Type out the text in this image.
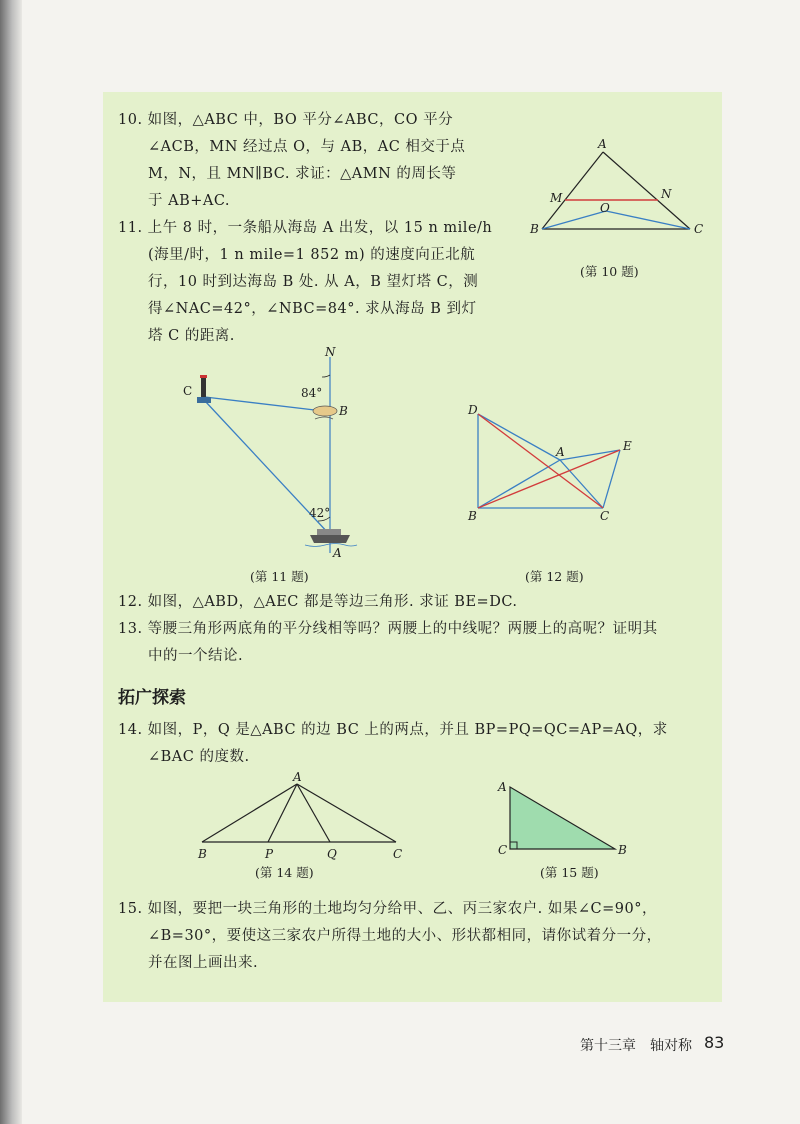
10. 如图，△ABC 中，BO 平分∠ABC，CO 平分
∠ACB，MN 经过点 O，与 AB，AC 相交于点
M，N，且 MN∥BC. 求证：△AMN 的周长等
于 AB+AC.
11. 上午 8 时，一条船从海岛 A 出发，以 15 n mile/h
(海里/时，1 n mile=1 852 m) 的速度向正北航
行，10 时到达海岛 B 处. 从 A，B 望灯塔 C，测
得∠NAC=42°，∠NBC=84°. 求从海岛 B 到灯
塔 C 的距离.
A
B	C
M	N
O
(第 10 题)
N
C
B
A
84°
42°
(第 11 题)
D
A	E
B	C
(第 12 题)
12. 如图，△ABD，△AEC 都是等边三角形. 求证 BE=DC.
13. 等腰三角形两底角的平分线相等吗？两腰上的中线呢？两腰上的高呢？证明其
中的一个结论.
拓广探索
14. 如图，P，Q 是△ABC 的边 BC 上的两点，并且 BP=PQ=QC=AP=AQ，求
∠BAC 的度数.
A
B	P	Q	C
(第 14 题)
A
C	B
(第 15 题)
15. 如图，要把一块三角形的土地均匀分给甲、乙、丙三家农户. 如果∠C=90°，
∠B=30°，要使这三家农户所得土地的大小、形状都相同，请你试着分一分，
并在图上画出来.
第十三章　轴对称 83
